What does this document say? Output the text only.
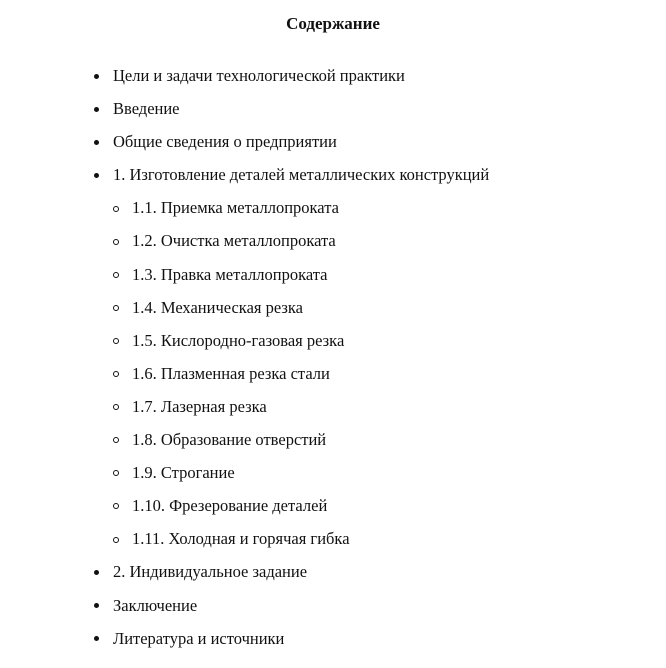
Содержание
Цели и задачи технологической практики
Введение
Общие сведения о предприятии
1. Изготовление деталей металлических конструкций
1.1. Приемка металлопроката
1.2. Очистка металлопроката
1.3. Правка металлопроката
1.4. Механическая резка
1.5. Кислородно-газовая резка
1.6. Плазменная резка стали
1.7. Лазерная резка
1.8. Образование отверстий
1.9. Строгание
1.10. Фрезерование деталей
1.11. Холодная и горячая гибка
2. Индивидуальное задание
Заключение
Литература и источники
